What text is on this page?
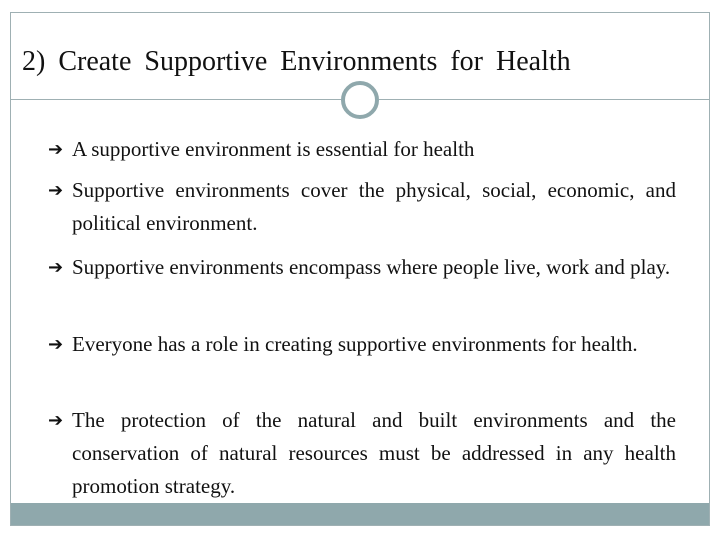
2) Create Supportive Environments for Health
➔ A supportive environment is essential for health
➔ Supportive environments cover the physical, social, economic, and political environment.
➔ Supportive environments encompass where people live, work and play.
➔ Everyone has a role in creating supportive environments for health.
➔ The protection of the natural and built environments and the conservation of natural resources must be addressed in any health promotion strategy.
